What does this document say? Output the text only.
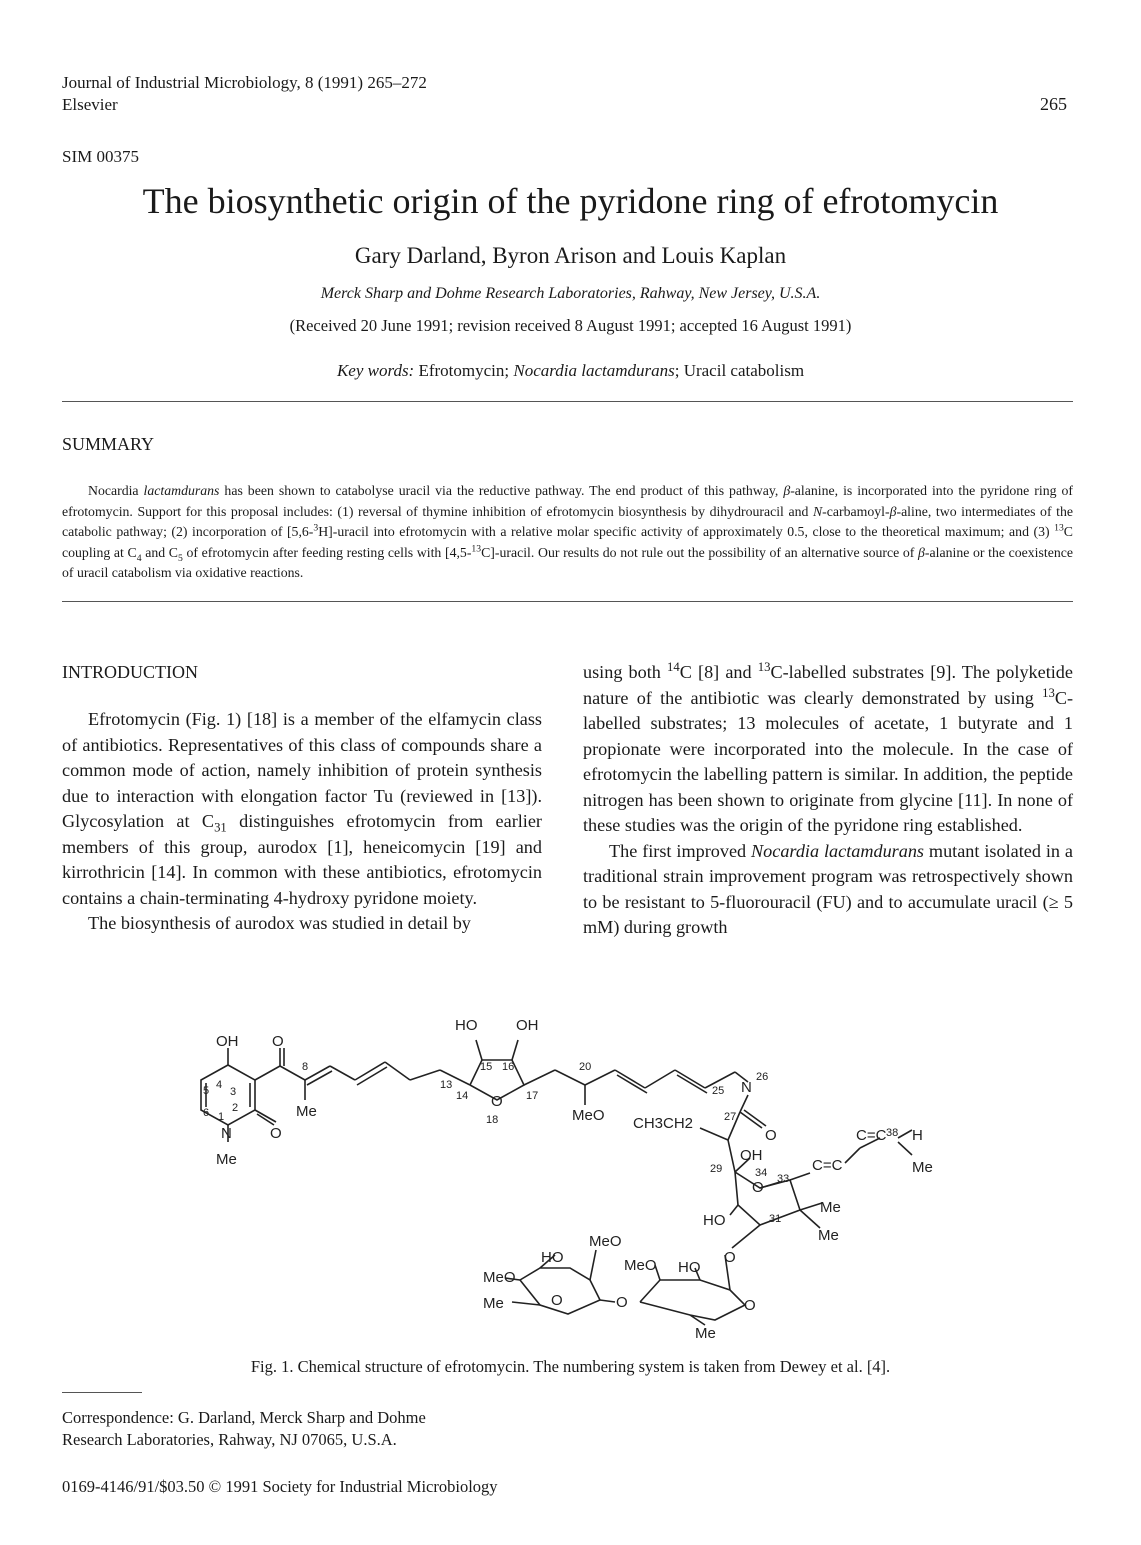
Journal of Industrial Microbiology, 8 (1991) 265–272
Elsevier	265
SIM 00375
The biosynthetic origin of the pyridone ring of efrotomycin
Gary Darland, Byron Arison and Louis Kaplan
Merck Sharp and Dohme Research Laboratories, Rahway, New Jersey, U.S.A.
(Received 20 June 1991; revision received 8 August 1991; accepted 16 August 1991)
Key words: Efrotomycin; Nocardia lactamdurans; Uracil catabolism
SUMMARY
Nocardia lactamdurans has been shown to catabolyse uracil via the reductive pathway. The end product of this pathway, β-alanine, is incorporated into the pyridone ring of efrotomycin. Support for this proposal includes: (1) reversal of thymine inhibition of efrotomycin biosynthesis by dihydrouracil and N-carbamoyl-β-aline, two intermediates of the catabolic pathway; (2) incorporation of [5,6-$^3$H]-uracil into efrotomycin with a relative molar specific activity of approximately 0.5, close to the theoretical maximum; and (3) $^{13}$C coupling at $C_4$ and $C_5$ of efrotomycin after feeding resting cells with [4,5-$^{13}$C]-uracil. Our results do not rule out the possibility of an alternative source of β-alanine or the coexistence of uracil catabolism via oxidative reactions.
INTRODUCTION

Efrotomycin (Fig. 1) [18] is a member of the elfamycin class of antibiotics. Representatives of this class of compounds share a common mode of action, namely inhibition of protein synthesis due to interaction with elongation factor Tu (reviewed in [13]). Glycosylation at $C_{31}$ distinguishes efrotomycin from earlier members of this group, aurodox [1], heneicomycin [19] and kirrothricin [14]. In common with these antibiotics, efrotomycin contains a chain-terminating 4-hydroxy pyridone moiety.

The biosynthesis of aurodox was studied in detail by

using both $^{14}$C [8] and $^{13}$C-labelled substrates [9]. The polyketide nature of the antibiotic was clearly demonstrated by using $^{13}$C-labelled substrates; 13 molecules of acetate, 1 butyrate and 1 propionate were incorporated into the molecule. In the case of efrotomycin the labelling pattern is similar. In addition, the peptide nitrogen has been shown to originate from glycine [11]. In none of these studies was the origin of the pyridone ring established.

The first improved Nocardia lactamdurans mutant isolated in a traditional strain improvement program was retrospectively shown to be resistant to 5-fluorouracil (FU) and to accumulate uracil (≥ 5 mM) during growth

OH O
O
N
Me
Me
HO	OH
O
MeO CH3CH2
N
O
OH
O
HO
Me
Me
H
Me
C=C
C=C
O
MeO
HO	MeO HO
MeO
Me	O	O	O
Me
4
3
5
2
6 1
8
13
14
15 16
17
18
20
25
26
27
29	34 33
31
38
Fig. 1. Chemical structure of efrotomycin. The numbering system is taken from Dewey et al. [4].
Correspondence: G. Darland, Merck Sharp and Dohme
Research Laboratories, Rahway, NJ 07065, U.S.A.
0169-4146/91/$03.50 © 1991 Society for Industrial Microbiology
